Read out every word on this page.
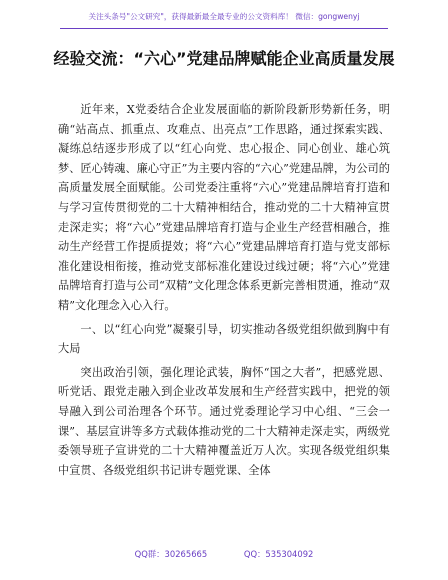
关注头条号"公文研究"，获得最新最全最专业的公文资料库！ 微信：gongwenyj
经验交流：“六心”党建品牌赋能企业高质量发展

近年来，X党委结合企业发展面临的新阶段新形势新任务，明确“站高点、抓重点、攻难点、出亮点”工作思路，通过探索实践、凝练总结逐步形成了以“红心向党、忠心报企、同心创业、雄心筑梦、匠心铸魂、廉心守正”为主要内容的“六心”党建品牌，为公司的高质量发展全面赋能。公司党委注重将“六心”党建品牌培育打造和与学习宣传贯彻党的二十大精神相结合，推动党的二十大精神宣贯走深走实；将“六心”党建品牌培育打造与企业生产经营相融合，推动生产经营工作提质提效；将“六心”党建品牌培育打造与党支部标准化建设相衔接，推动党支部标准化建设过线过硬；将“六心”党建品牌培育打造与公司“双精”文化理念体系更新完善相贯通，推动“双精”文化理念入心入行。

一、以“红心向党”凝聚引导，切实推动各级党组织做到胸中有大局

突出政治引领，强化理论武装，胸怀“国之大者”，把感党恩、听党话、跟党走融入到企业改革发展和生产经营实践中，把党的领导融入到公司治理各个环节。通过党委理论学习中心组、“三会一课”、基层宣讲等多方式载体推动党的二十大精神走深走实，两级党委领导班子宣讲党的二十大精神覆盖近万人次。实现各级党组织集中宣贯、各级党组织书记讲专题党课、全体

QQ群：30265665	QQ：535304092
